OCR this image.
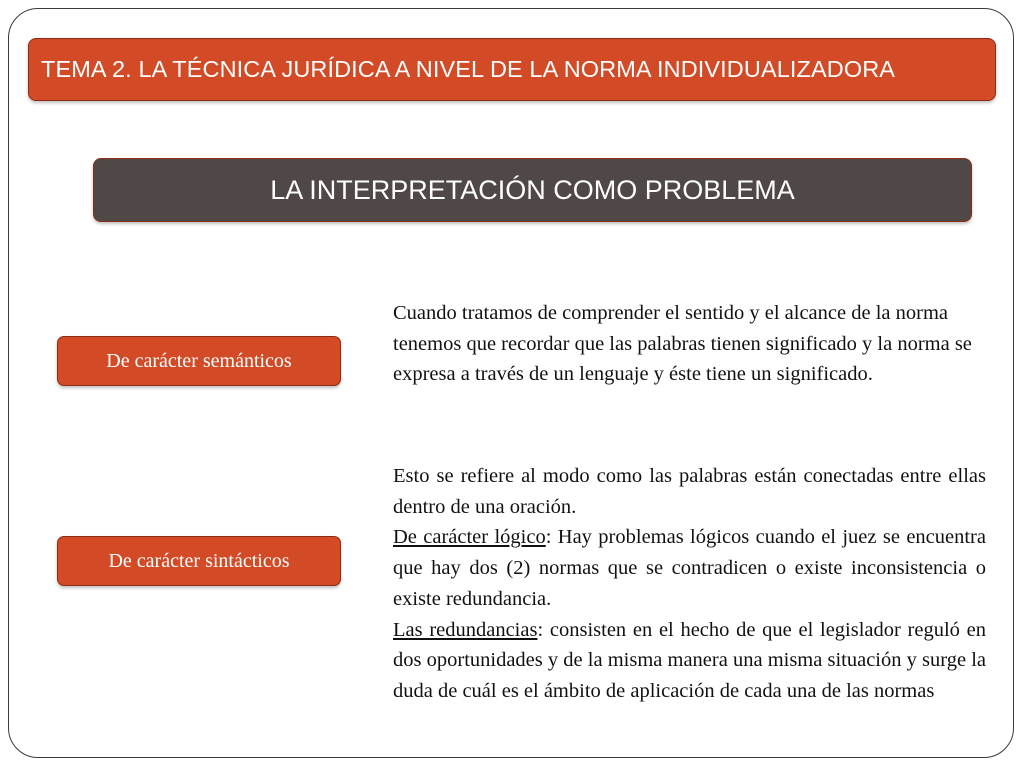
TEMA 2. LA TÉCNICA JURÍDICA A NIVEL DE LA NORMA INDIVIDUALIZADORA
LA INTERPRETACIÓN COMO PROBLEMA
De carácter semánticos

Cuando tratamos de comprender el sentido y el alcance de la norma tenemos que recordar que las palabras tienen significado y la norma se expresa a través de un lenguaje y éste tiene un significado.

De carácter sintácticos

Esto se refiere al modo como las palabras están conectadas entre ellas dentro de una oración.

De carácter lógico: Hay problemas lógicos cuando el juez se encuentra que hay dos (2) normas que se contradicen o existe inconsistencia o existe redundancia.

Las redundancias: consisten en el hecho de que el legislador reguló en dos oportunidades y de la misma manera una misma situación y surge la duda de cuál es el ámbito de aplicación de cada una de las normas
